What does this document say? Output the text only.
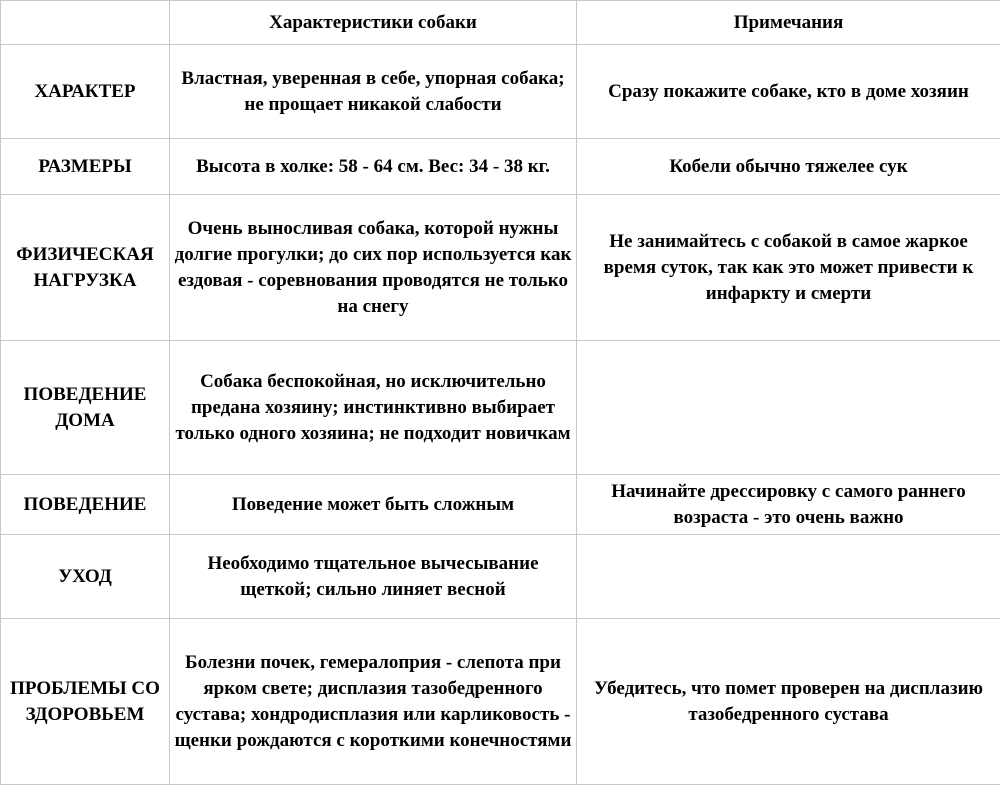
	Характеристики собаки	Примечания
ХАРАКТЕР	Властная, уверенная в себе, упорная собака; не прощает никакой слабости	Сразу покажите собаке, кто в доме хозяин
РАЗМЕРЫ	Высота в холке: 58 - 64 см. Вес: 34 - 38 кг.	Кобели обычно тяжелее сук
ФИЗИЧЕСКАЯ НАГРУЗКА	Очень выносливая собака, которой нужны долгие прогулки; до сих пор используется как ездовая - соревнования проводятся не только на снегу	Не занимайтесь с собакой в самое жаркое время суток, так как это может привести к инфаркту и смерти
ПОВЕДЕНИЕ ДОМА	Собака беспокойная, но исключительно предана хозяину; инстинктивно выбирает только одного хозяина; не подходит новичкам	
ПОВЕДЕНИЕ	Поведение может быть сложным	Начинайте дрессировку с самого раннего возраста - это очень важно
УХОД	Необходимо тщательное вычесывание щеткой; сильно линяет весной	
ПРОБЛЕМЫ СО ЗДОРОВЬЕМ	Болезни почек, гемералоприя - слепота при ярком свете; дисплазия тазобедренного сустава; хондродисплазия или карликовость - щенки рождаются с короткими конечностями	Убедитесь, что помет проверен на дисплазию тазобедренного сустава
